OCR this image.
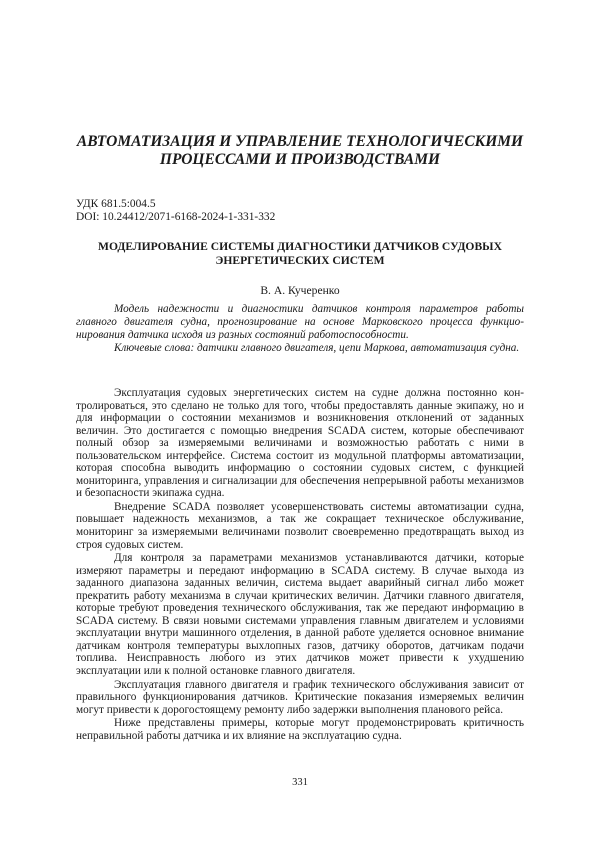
АВТОМАТИЗАЦИЯ И УПРАВЛЕНИЕ ТЕХНОЛОГИЧЕСКИМИ
ПРОЦЕССАМИ И ПРОИЗВОДСТВАМИ
УДК 681.5:004.5
DOI: 10.24412/2071-6168-2024-1-331-332
МОДЕЛИРОВАНИЕ СИСТЕМЫ ДИАГНОСТИКИ ДАТЧИКОВ СУДОВЫХ
ЭНЕРГЕТИЧЕСКИХ СИСТЕМ
В. А. Кучеренко

Модель надежности и диагностики датчиков контроля параметров работы главного двигателя судна, прогнозирование на основе Марковского процесса функционирования датчика исходя из разных состояний работоспособности.

Ключевые слова: датчики главного двигателя, цепи Маркова, автоматизация судна.

Эксплуатация судовых энергетических систем на судне должна постоянно контролироваться, это сделано не только для того, чтобы предоставлять данные экипажу, но и для информации о состоянии механизмов и возникновения отклонений от заданных величин. Это достигается с помощью внедрения SCADA систем, которые обеспечивают полный обзор за измеряемыми величинами и возможностью работать с ними в пользовательском интерфейсе. Система состоит из модульной платформы автоматизации, которая способна выводить информацию о состоянии судовых систем, с функцией мониторинга, управления и сигнализации для обеспечения непрерывной работы механизмов и безопасности экипажа судна.

Внедрение SCADA позволяет усовершенствовать системы автоматизации судна, повышает надежность механизмов, а так же сокращает техническое обслуживание, мониторинг за измеряемыми величинами позволит своевременно предотвращать выход из строя судовых систем.

Для контроля за параметрами механизмов устанавливаются датчики, которые измеряют параметры и передают информацию в SCADA систему. В случае выхода из заданного диапазона заданных величин, система выдает аварийный сигнал либо может прекратить работу механизма в случаи критических величин. Датчики главного двигателя, которые требуют проведения технического обслуживания, так же передают информацию в SCADA систему. В связи новыми системами управления главным двигателем и условиями эксплуатации внутри машинного отделения, в данной работе уделяется основное внимание датчикам контроля температуры выхлопных газов, датчику оборотов, датчикам подачи топлива. Неисправность любого из этих датчиков может привести к ухудшению эксплуатации или к полной остановке главного двигателя.

Эксплуатация главного двигателя и график технического обслуживания зависит от правильного функционирования датчиков. Критические показания измеряемых величин могут привести к дорогостоящему ремонту либо задержки выполнения планового рейса.

Ниже представлены примеры, которые могут продемонстрировать критичность неправильной работы датчика и их влияние на эксплуатацию судна.

331
